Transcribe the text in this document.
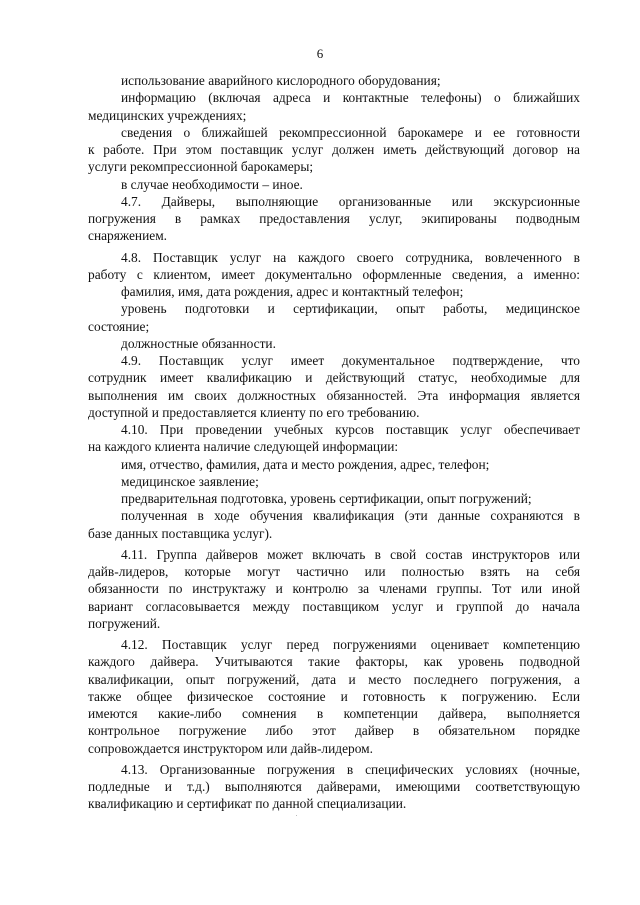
6
использование аварийного кислородного оборудования;
информацию (включая адреса и контактные телефоны) о ближайших
медицинских учреждениях;
сведения о ближайшей рекомпрессионной барокамере и ее готовности
к работе. При этом поставщик услуг должен иметь действующий договор на
услуги рекомпрессионной барокамеры;
в случае необходимости – иное.
4.7. Дайверы, выполняющие организованные или экскурсионные
погружения в рамках предоставления услуг, экипированы подводным
снаряжением.
4.8. Поставщик услуг на каждого своего сотрудника, вовлеченного в
работу с клиентом, имеет документально оформленные сведения, а именно:
фамилия, имя, дата рождения, адрес и контактный телефон;
уровень подготовки и сертификации, опыт работы, медицинское
состояние;
должностные обязанности.
4.9. Поставщик услуг имеет документальное подтверждение, что
сотрудник имеет квалификацию и действующий статус, необходимые для
выполнения им своих должностных обязанностей. Эта информация является
доступной и предоставляется клиенту по его требованию.
4.10. При проведении учебных курсов поставщик услуг обеспечивает
на каждого клиента наличие следующей информации:
имя, отчество, фамилия, дата и место рождения, адрес, телефон;
медицинское заявление;
предварительная подготовка, уровень сертификации, опыт погружений;
полученная в ходе обучения квалификация (эти данные сохраняются в
базе данных поставщика услуг).
4.11. Группа дайверов может включать в свой состав инструкторов или
дайв-лидеров, которые могут частично или полностью взять на себя
обязанности по инструктажу и контролю за членами группы. Тот или иной
вариант согласовывается между поставщиком услуг и группой до начала
погружений.
4.12. Поставщик услуг перед погружениями оценивает компетенцию
каждого дайвера. Учитываются такие факторы, как уровень подводной
квалификации, опыт погружений, дата и место последнего погружения, а
также общее физическое состояние и готовность к погружению. Если
имеются какие-либо сомнения в компетенции дайвера, выполняется
контрольное погружение либо этот дайвер в обязательном порядке
сопровождается инструктором или дайв-лидером.
4.13. Организованные погружения в специфических условиях (ночные,
подледные и т.д.) выполняются дайверами, имеющими соответствующую
квалификацию и сертификат по данной специализации.
